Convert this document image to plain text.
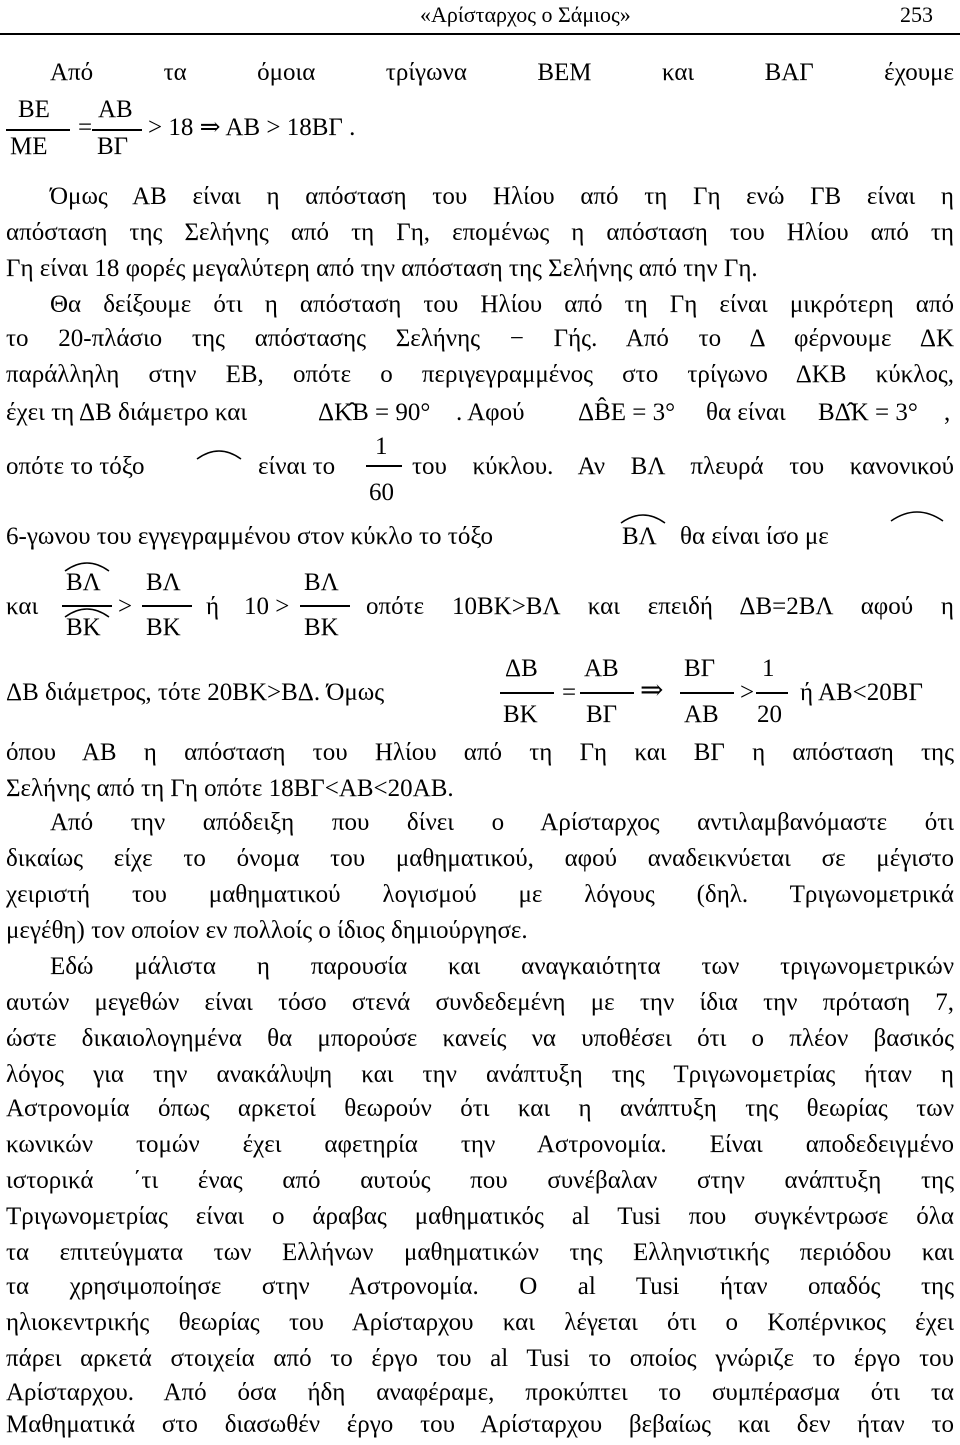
«Αρίσταρχος ο Σάμιος»	253
Από τα όμοια τρίγωνα ΒΕΜ και ΒΑΓ έχουμε
ΒΕ
ΜΕ
=
ΑΒ
ΒΓ
> 18 ⇒ ΑΒ > 18ΒΓ .
Όμως ΑΒ είναι η απόσταση του Ηλίου από τη Γη ενώ ΓΒ είναι η
απόσταση της Σελήνης από τη Γη, επομένως η απόσταση του Ηλίου από τη
Γη είναι 18 φορές μεγαλύτερη από την απόσταση της Σελήνης από την Γη.
Θα δείξουμε ότι η απόσταση του Ηλίου από τη Γη είναι μικρότερη από
το 20-πλάσιο της απόστασης Σελήνης − Γής. Από το Δ φέρνουμε ΔΚ
παράλληλη στην ΕΒ, οπότε ο περιγεγραμμένος στο τρίγωνο ΔΚΒ κύκλος,
έχει τη ΔΒ διάμετρο και	ΔΚ̂Β = 90° . Αφού ΔB̂Ε = 3° θα είναι ΒΔ̂Κ = 3° ,
οπότε το τόξο	είναι το
1
60
του κύκλου. Αν ΒΛ πλευρά του κανονικού
6-γωνου του εγγεγραμμένου στον κύκλο το τόξο	ΒΛ θα είναι ίσο με
και
ΒΛ
ΒΚ
>
ΒΛ
ΒΚ
ή 10 >
ΒΛ
ΒΚ
οπότε 10ΒΚ>ΒΛ και επειδή ΔΒ=2ΒΛ αφού η
ΔΒ διάμετρος, τότε 20ΒΚ>ΒΔ. Όμως
ΔΒ
ΒΚ
=
ΑΒ
ΒΓ
⇒
ΒΓ
ΑΒ
>
1
20
ή ΑΒ<20ΒΓ
όπου ΑΒ η απόσταση του Ηλίου από τη Γη και ΒΓ η απόσταση της
Σελήνης από τη Γη οπότε 18ΒΓ<ΑΒ<20ΑΒ.
Από την απόδειξη που δίνει ο Αρίσταρχος αντιλαμβανόμαστε ότι
δικαίως είχε το όνομα του μαθηματικού, αφού αναδεικνύεται σε μέγιστο
χειριστή του μαθηματικού λογισμού με λόγους (δηλ. Τριγωνομετρικά
μεγέθη) τον οποίον εν πολλοίς ο ίδιος δημιούργησε.
Εδώ μάλιστα η παρουσία και αναγκαιότητα των τριγωνομετρικών
αυτών μεγεθών είναι τόσο στενά συνδεδεμένη με την ίδια την πρόταση 7,
ώστε δικαιολογημένα θα μπορούσε κανείς να υποθέσει ότι ο πλέον βασικός
λόγος για την ανακάλυψη και την ανάπτυξη της Τριγωνομετρίας ήταν η
Αστρονομία όπως αρκετοί θεωρούν ότι και η ανάπτυξη της θεωρίας των
κωνικών τομών έχει αφετηρία την Αστρονομία. Είναι αποδεδειγμένο
ιστορικά ΄τι ένας από αυτούς που συνέβαλαν στην ανάπτυξη της
Τριγωνομετρίας είναι ο άραβας μαθηματικός al Tusi που συγκέντρωσε όλα
τα επιτεύγματα των Ελλήνων μαθηματικών της Ελληνιστικής περιόδου και
τα χρησιμοποίησε στην Αστρονομία. Ο al Tusi ήταν οπαδός της
ηλιοκεντρικής θεωρίας του Αρίσταρχου και λέγεται ότι ο Κοπέρνικος έχει
πάρει αρκετά στοιχεία από το έργο του al Tusi το οποίος γνώριζε το έργο του
Αρίσταρχου. Από όσα ήδη αναφέραμε, προκύπτει το συμπέρασμα ότι τα
Μαθηματικά στο διασωθέν έργο του Αρίσταρχου βεβαίως και δεν ήταν το
